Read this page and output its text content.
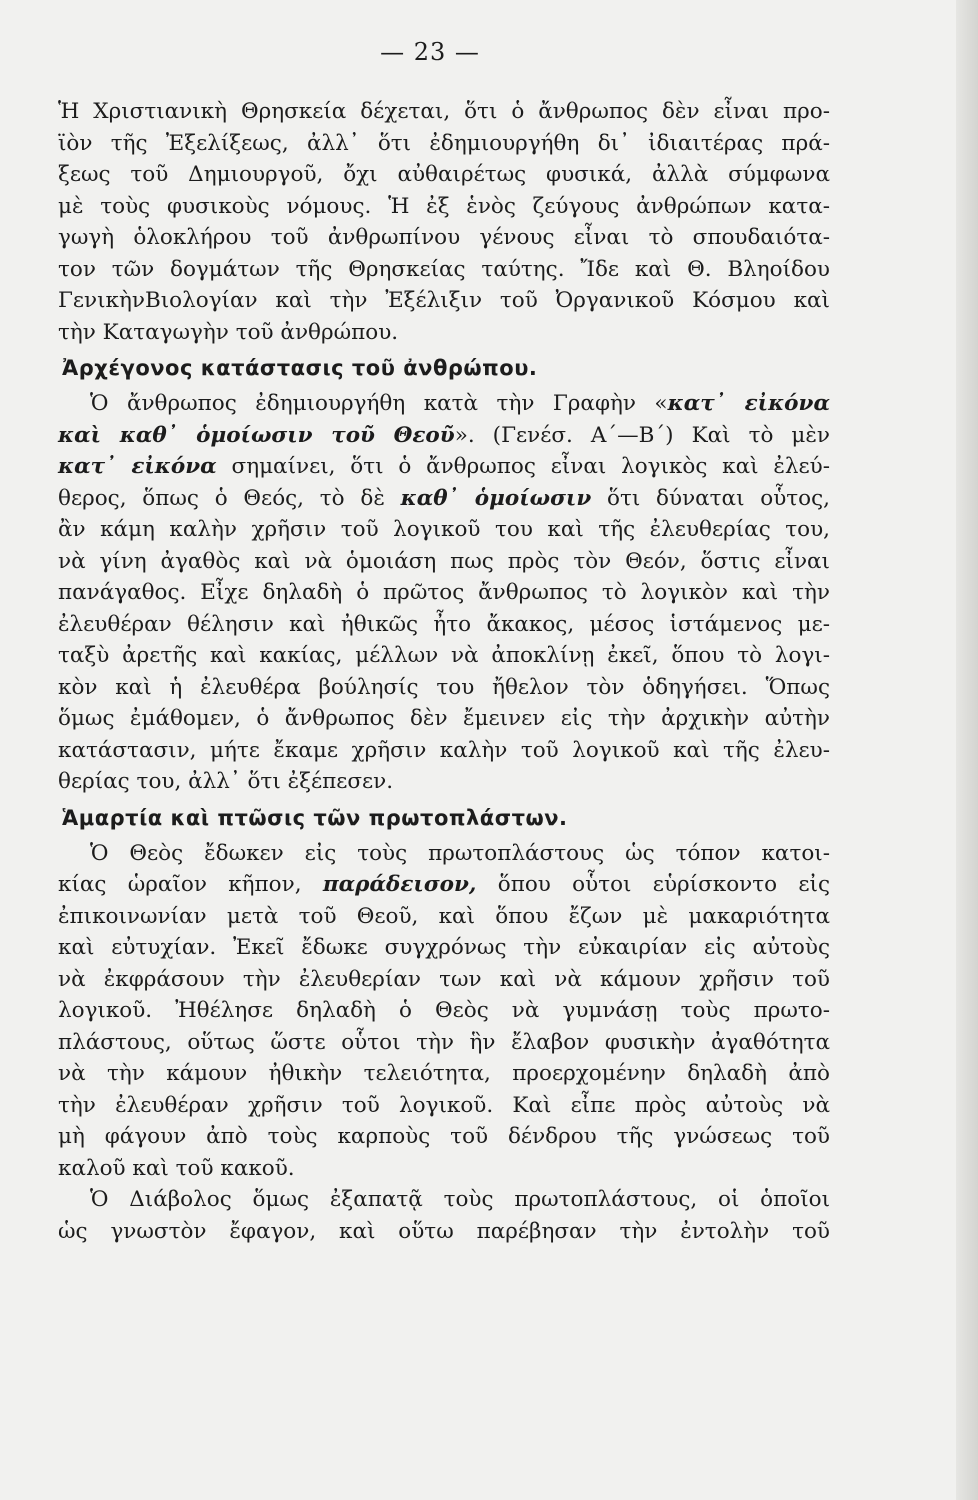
— 23 —
Ἡ Χριστιανικὴ Θρησκεία δέχεται, ὅτι ὁ ἄνθρωπος δὲν εἶναι προ-
ϊὸν τῆς Ἐξελίξεως, ἀλλ᾽ ὅτι ἐδημιουργήθη δι᾽ ἰδιαιτέρας πρά-
ξεως τοῦ Δημιουργοῦ, ὄχι αὐθαιρέτως φυσικά, ἀλλὰ σύμφωνα
μὲ τοὺς φυσικοὺς νόμους. Ἡ ἐξ ἑνὸς ζεύγους ἀνθρώπων κατα-
γωγὴ ὁλοκλήρου τοῦ ἀνθρωπίνου γένους εἶναι τὸ σπουδαιότα-
τον τῶν δογμάτων τῆς Θρησκείας ταύτης. Ἴδε καὶ Θ. Βληοίδου
ΓενικὴνΒιολογίαν καὶ τὴν Ἐξέλιξιν τοῦ Ὀργανικοῦ Κόσμου καὶ
τὴν Καταγωγὴν τοῦ ἀνθρώπου.
Ἀρχέγονος κατάστασις τοῦ ἀνθρώπου.
Ὁ ἄνθρωπος ἐδημιουργήθη κατὰ τὴν Γραφὴν «κατ᾽ εἰκόνα
καὶ καθ᾽ ὁμοίωσιν τοῦ Θεοῦ». (Γενέσ. Α´—Β´) Καὶ τὸ μὲν
κατ᾽ εἰκόνα σημαίνει, ὅτι ὁ ἄνθρωπος εἶναι λογικὸς καὶ ἐλεύ-
θερος, ὅπως ὁ Θεός, τὸ δὲ καθ᾽ ὁμοίωσιν ὅτι δύναται οὗτος,
ἂν κάμη καλὴν χρῆσιν τοῦ λογικοῦ του καὶ τῆς ἐλευθερίας του,
νὰ γίνη ἀγαθὸς καὶ νὰ ὁμοιάση πως πρὸς τὸν Θεόν, ὅστις εἶναι
πανάγαθος. Εἶχε δηλαδὴ ὁ πρῶτος ἄνθρωπος τὸ λογικὸν καὶ τὴν
ἐλευθέραν θέλησιν καὶ ἠθικῶς ἦτο ἄκακος, μέσος ἱστάμενος με-
ταξὺ ἀρετῆς καὶ κακίας, μέλλων νὰ ἀποκλίνῃ ἐκεῖ, ὅπου τὸ λογι-
κὸν καὶ ἡ ἐλευθέρα βούλησίς του ἤθελον τὸν ὁδηγήσει. Ὅπως
ὅμως ἐμάθομεν, ὁ ἄνθρωπος δὲν ἔμεινεν εἰς τὴν ἀρχικὴν αὐτὴν
κατάστασιν, μήτε ἔκαμε χρῆσιν καλὴν τοῦ λογικοῦ καὶ τῆς ἐλευ-
θερίας του, ἀλλ᾽ ὅτι ἐξέπεσεν.
Ἁμαρτία καὶ πτῶσις τῶν πρωτοπλάστων.
Ὁ Θεὸς ἔδωκεν εἰς τοὺς πρωτοπλάστους ὡς τόπον κατοι-
κίας ὡραῖον κῆπον, παράδεισον, ὅπου οὗτοι εὑρίσκοντο εἰς
ἐπικοινωνίαν μετὰ τοῦ Θεοῦ, καὶ ὅπου ἔζων μὲ μακαριότητα
καὶ εὐτυχίαν. Ἐκεῖ ἔδωκε συγχρόνως τὴν εὐκαιρίαν εἰς αὐτοὺς
νὰ ἐκφράσουν τὴν ἐλευθερίαν των καὶ νὰ κάμουν χρῆσιν τοῦ
λογικοῦ. Ἠθέλησε δηλαδὴ ὁ Θεὸς νὰ γυμνάσῃ τοὺς πρωτο-
πλάστους, οὕτως ὥστε οὗτοι τὴν ἣν ἔλαβον φυσικὴν ἀγαθότητα
νὰ τὴν κάμουν ἠθικὴν τελειότητα, προερχομένην δηλαδὴ ἀπὸ
τὴν ἐλευθέραν χρῆσιν τοῦ λογικοῦ. Καὶ εἶπε πρὸς αὐτοὺς νὰ
μὴ φάγουν ἀπὸ τοὺς καρποὺς τοῦ δένδρου τῆς γνώσεως τοῦ
καλοῦ καὶ τοῦ κακοῦ.
Ὁ Διάβολος ὅμως ἐξαπατᾷ τοὺς πρωτοπλάστους, οἱ ὁποῖοι
ὡς γνωστὸν ἔφαγον, καὶ οὕτω παρέβησαν τὴν ἐντολὴν τοῦ
